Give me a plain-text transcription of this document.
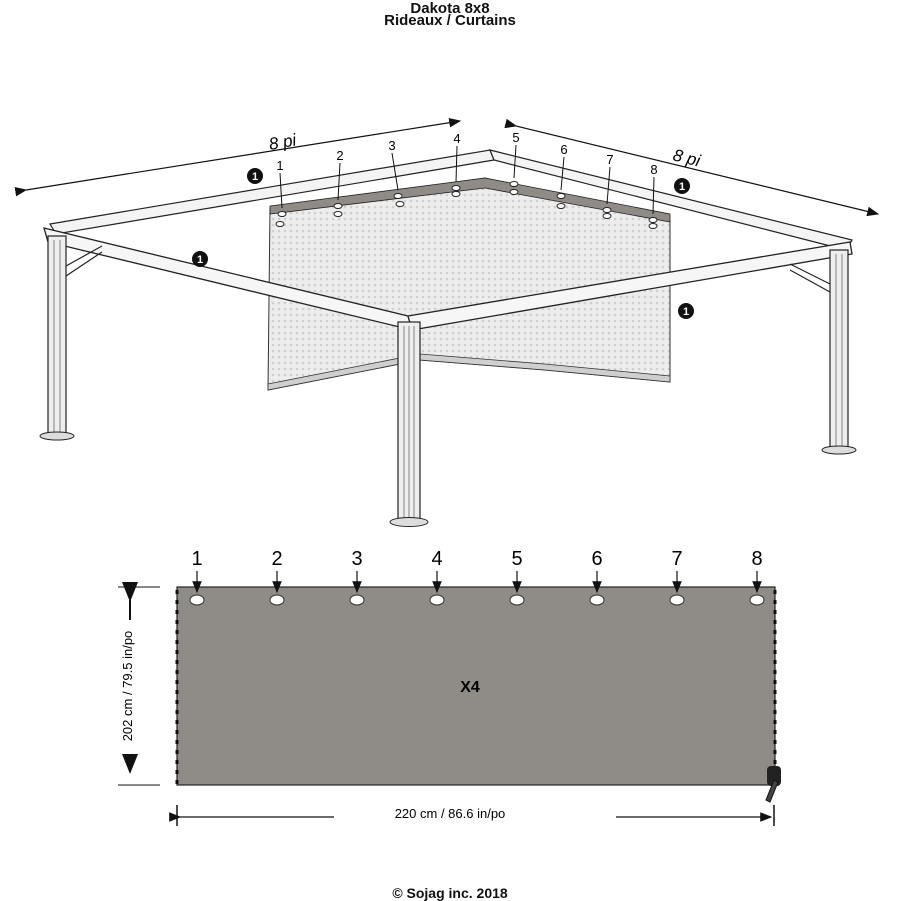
Dakota 8x8
Rideaux / Curtains
8 pi
8 pi
1
2
3	4	5
6
7
8
1
1
1
1
X4
1	2	3	4	5	6	7	8
202 cm / 79.5 in/po
220 cm / 86.6 in/po
© Sojag inc. 2018
